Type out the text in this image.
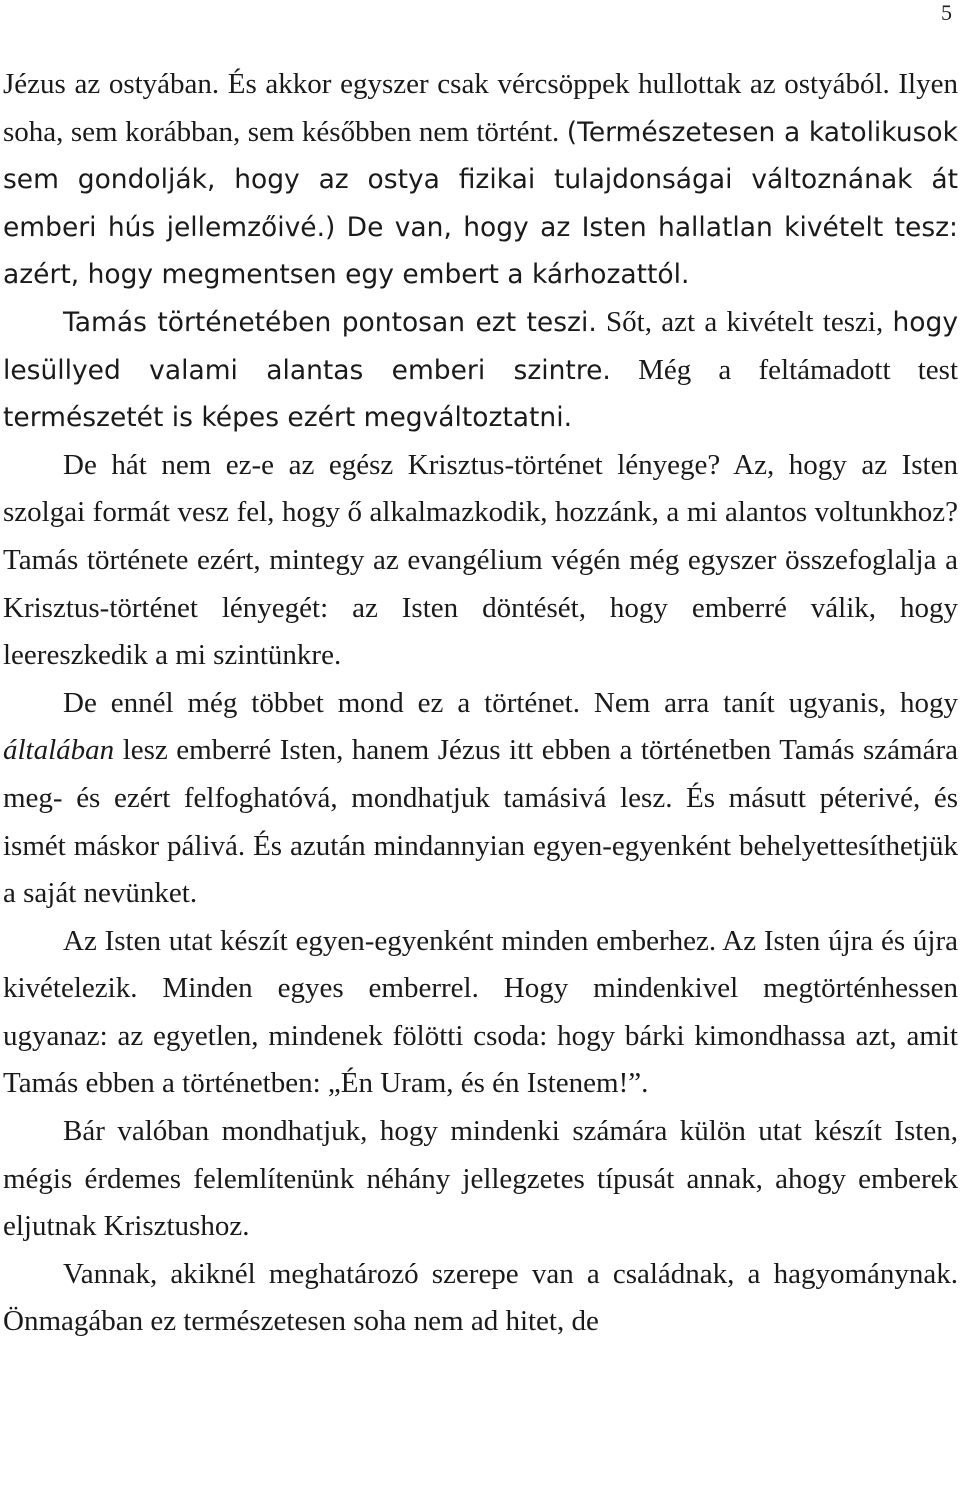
5

Jézus az ostyában. És akkor egyszer csak vércsöppek hullottak az ostyából. Ilyen soha, sem korábban, sem későbben nem történt. (Természetesen a katolikusok sem gondolják, hogy az ostya fizikai tulajdonságai változnának át emberi hús jellemzőivé.) De van, hogy az Isten hallatlan kivételt tesz: azért, hogy megmentsen egy embert a kárhozattól.

Tamás történetében pontosan ezt teszi. Sőt, azt a kivételt teszi, hogy lesüllyed valami alantas emberi szintre. Még a feltámadott test természetét is képes ezért megváltoztatni.

De hát nem ez-e az egész Krisztus-történet lényege? Az, hogy az Isten szolgai formát vesz fel, hogy ő alkalmazkodik, hozzánk, a mi alantos voltunkhoz? Tamás története ezért, mintegy az evangélium végén még egyszer összefoglalja a Krisztus-történet lényegét: az Isten döntését, hogy emberré válik, hogy leereszkedik a mi szintünkre.

De ennél még többet mond ez a történet. Nem arra tanít ugyanis, hogy általában lesz emberré Isten, hanem Jézus itt ebben a történetben Tamás számára meg- és ezért felfoghatóvá, mondhatjuk tamásivá lesz. És másutt péterivé, és ismét máskor pálivá. És azután mindannyian egyen-egyenként behelyettesíthetjük a saját nevünket.

Az Isten utat készít egyen-egyenként minden emberhez. Az Isten újra és újra kivételezik. Minden egyes emberrel. Hogy mindenkivel megtörténhessen ugyanaz: az egyetlen, mindenek fölötti csoda: hogy bárki kimondhassa azt, amit Tamás ebben a történetben: „Én Uram, és én Istenem!”.

Bár valóban mondhatjuk, hogy mindenki számára külön utat készít Isten, mégis érdemes felemlítenünk néhány jellegzetes típusát annak, ahogy emberek eljutnak Krisztushoz.

Vannak, akiknél meghatározó szerepe van a családnak, a hagyománynak. Önmagában ez természetesen soha nem ad hitet, de
